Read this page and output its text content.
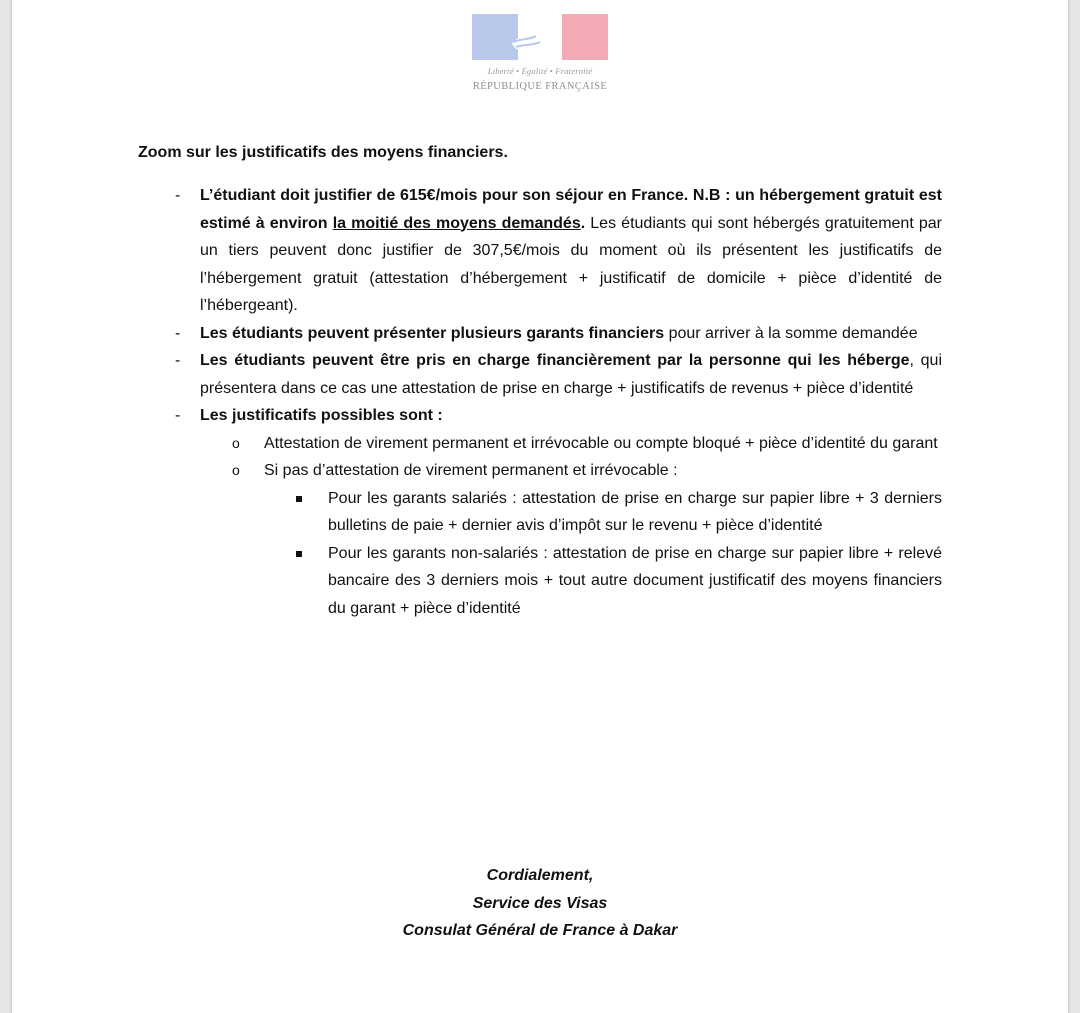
Liberté • Égalité • Fraternité
RÉPUBLIQUE FRANÇAISE
Zoom sur les justificatifs des moyens financiers.
- L’étudiant doit justifier de 615€/mois pour son séjour en France. N.B : un hébergement gratuit est estimé à environ la moitié des moyens demandés. Les étudiants qui sont hébergés gratuitement par un tiers peuvent donc justifier de 307,5€/mois du moment où ils présentent les justificatifs de l’hébergement gratuit (attestation d’hébergement + justificatif de domicile + pièce d’identité de l’hébergeant).
- Les étudiants peuvent présenter plusieurs garants financiers pour arriver à la somme demandée
- Les étudiants peuvent être pris en charge financièrement par la personne qui les héberge, qui présentera dans ce cas une attestation de prise en charge + justificatifs de revenus + pièce d’identité
- Les justificatifs possibles sont :
o Attestation de virement permanent et irrévocable ou compte bloqué + pièce d’identité du garant
o Si pas d’attestation de virement permanent et irrévocable :
Pour les garants salariés : attestation de prise en charge sur papier libre + 3 derniers bulletins de paie + dernier avis d’impôt sur le revenu + pièce d’identité
Pour les garants non-salariés : attestation de prise en charge sur papier libre + relevé bancaire des 3 derniers mois + tout autre document justificatif des moyens financiers du garant + pièce d’identité
Cordialement,
Service des Visas
Consulat Général de France à Dakar
